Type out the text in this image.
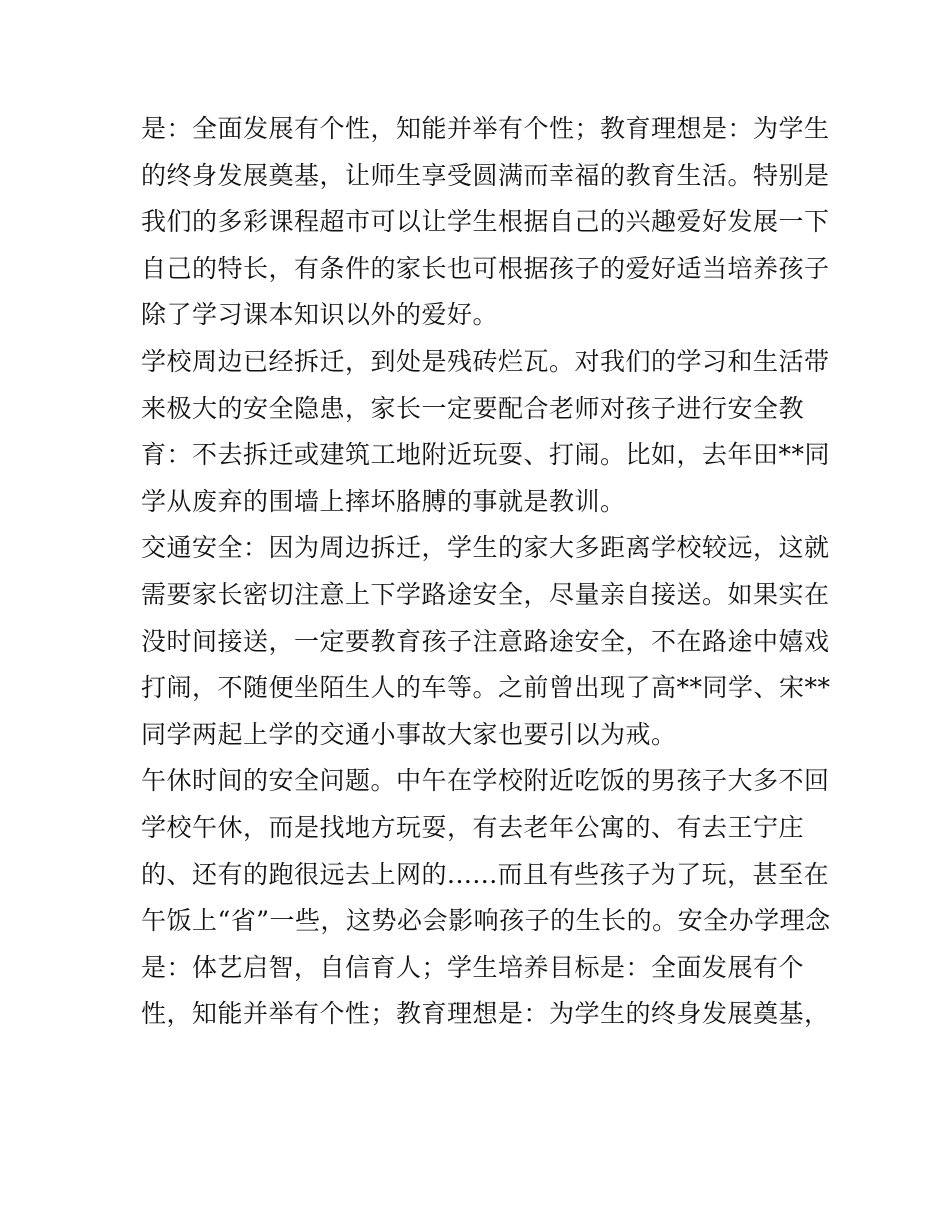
是：全面发展有个性，知能并举有个性；教育理想是：为学生
的终身发展奠基，让师生享受圆满而幸福的教育生活。特别是
我们的多彩课程超市可以让学生根据自己的兴趣爱好发展一下
自己的特长，有条件的家长也可根据孩子的爱好适当培养孩子
除了学习课本知识以外的爱好。

学校周边已经拆迁，到处是残砖烂瓦。对我们的学习和生活带
来极大的安全隐患，家长一定要配合老师对孩子进行安全教
育：不去拆迁或建筑工地附近玩耍、打闹。比如，去年田**同
学从废弃的围墙上摔坏胳膊的事就是教训。

交通安全：因为周边拆迁，学生的家大多距离学校较远，这就
需要家长密切注意上下学路途安全，尽量亲自接送。如果实在
没时间接送，一定要教育孩子注意路途安全，不在路途中嬉戏
打闹，不随便坐陌生人的车等。之前曾出现了高**同学、宋**
同学两起上学的交通小事故大家也要引以为戒。

午休时间的安全问题。中午在学校附近吃饭的男孩子大多不回
学校午休，而是找地方玩耍，有去老年公寓的、有去王宁庄
的、还有的跑很远去上网的......而且有些孩子为了玩，甚至在
午饭上“省”一些，这势必会影响孩子的生长的。安全办学理念
是：体艺启智，自信育人；学生培养目标是：全面发展有个
性，知能并举有个性；教育理想是：为学生的终身发展奠基，
